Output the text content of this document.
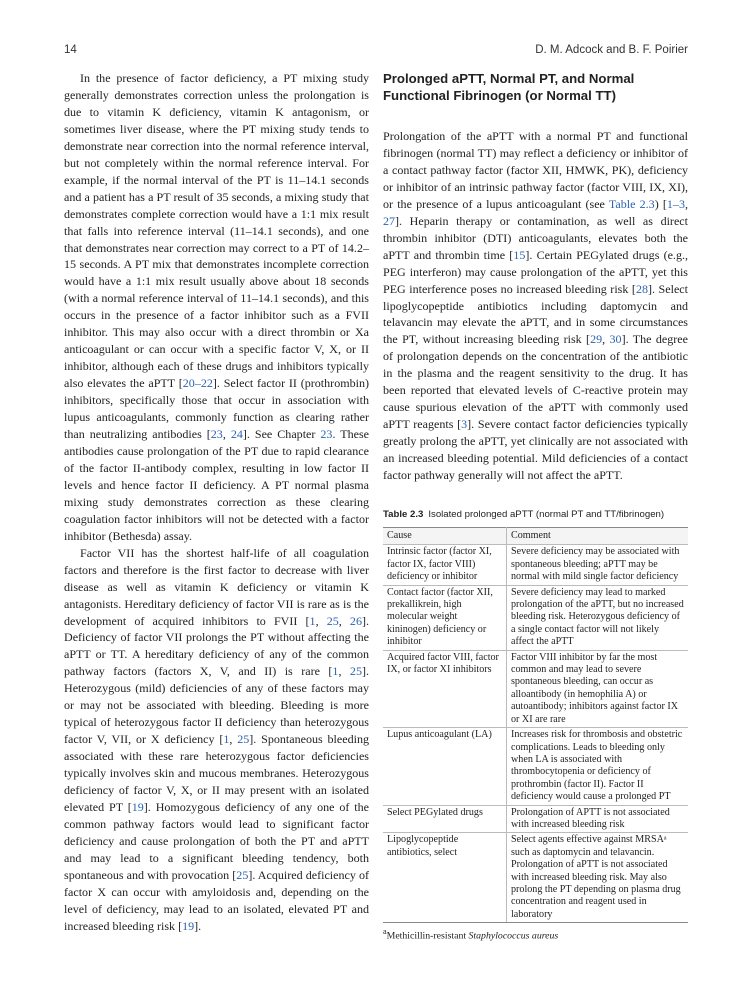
14	D. M. Adcock and B. F. Poirier

In the presence of factor deficiency, a PT mixing study generally demonstrates correction unless the prolongation is due to vitamin K deficiency, vitamin K antagonism, or sometimes liver disease, where the PT mixing study tends to demonstrate near correction into the normal reference interval, but not completely within the normal reference interval. For example, if the normal interval of the PT is 11–14.1 seconds and a patient has a PT result of 35 seconds, a mixing study that demonstrates complete correction would have a 1:1 mix result that falls into reference interval (11–14.1 seconds), and one that demonstrates near correction may correct to a PT of 14.2–15 seconds. A PT mix that demonstrates incomplete correction would have a 1:1 mix result usually above about 18 seconds (with a normal reference interval of 11–14.1 seconds), and this occurs in the presence of a factor inhibitor such as a FVII inhibitor. This may also occur with a direct thrombin or Xa anticoagulant or can occur with a specific factor V, X, or II inhibitor, although each of these drugs and inhibitors typically also elevates the aPTT [20–22]. Select factor II (prothrombin) inhibitors, specifically those that occur in association with lupus anticoagulants, commonly function as clearing rather than neutralizing antibodies [23, 24]. See Chapter 23. These antibodies cause prolongation of the PT due to rapid clearance of the factor II-antibody complex, resulting in low factor II levels and hence factor II deficiency. A PT normal plasma mixing study demonstrates correction as these clearing coagulation factor inhibitors will not be detected with a factor inhibitor (Bethesda) assay.

Factor VII has the shortest half-life of all coagulation factors and therefore is the first factor to decrease with liver disease as well as vitamin K deficiency or vitamin K antagonists. Hereditary deficiency of factor VII is rare as is the development of acquired inhibitors to FVII [1, 25, 26]. Deficiency of factor VII prolongs the PT without affecting the aPTT or TT. A hereditary deficiency of any of the common pathway factors (factors X, V, and II) is rare [1, 25]. Heterozygous (mild) deficiencies of any of these factors may or may not be associated with bleeding. Bleeding is more typical of heterozygous factor II deficiency than heterozygous factor V, VII, or X deficiency [1, 25]. Spontaneous bleeding associated with these rare heterozygous factor deficiencies typically involves skin and mucous membranes. Heterozygous deficiency of factor V, X, or II may present with an isolated elevated PT [19]. Homozygous deficiency of any one of the common pathway factors would lead to significant factor deficiency and cause prolongation of both the PT and aPTT and may lead to a significant bleeding tendency, both spontaneous and with provocation [25]. Acquired deficiency of factor X can occur with amyloidosis and, depending on the level of deficiency, may lead to an isolated, elevated PT and increased bleeding risk [19].

Prolonged aPTT, Normal PT, and Normal Functional Fibrinogen (or Normal TT)

Prolongation of the aPTT with a normal PT and functional fibrinogen (normal TT) may reflect a deficiency or inhibitor of a contact pathway factor (factor XII, HMWK, PK), deficiency or inhibitor of an intrinsic pathway factor (factor VIII, IX, XI), or the presence of a lupus anticoagulant (see Table 2.3) [1–3, 27]. Heparin therapy or contamination, as well as direct thrombin inhibitor (DTI) anticoagulants, elevates both the aPTT and thrombin time [15]. Certain PEGylated drugs (e.g., PEG interferon) may cause prolongation of the aPTT, yet this PEG interference poses no increased bleeding risk [28]. Select lipoglycopeptide antibiotics including daptomycin and telavancin may elevate the aPTT, and in some circumstances the PT, without increasing bleeding risk [29, 30]. The degree of prolongation depends on the concentration of the antibiotic in the plasma and the reagent sensitivity to the drug. It has been reported that elevated levels of C-reactive protein may cause spurious elevation of the aPTT with commonly used aPTT reagents [3]. Severe contact factor deficiencies typically greatly prolong the aPTT, yet clinically are not associated with an increased bleeding potential. Mild deficiencies of a contact factor pathway generally will not affect the aPTT.

Table 2.3 Isolated prolonged aPTT (normal PT and TT/fibrinogen)
Cause	Comment
Intrinsic factor (factor XI, factor IX, factor VIII) deficiency or inhibitor	Severe deficiency may be associated with spontaneous bleeding; aPTT may be normal with mild single factor deficiency
Contact factor (factor XII, prekallikrein, high molecular weight kininogen) deficiency or inhibitor	Severe deficiency may lead to marked prolongation of the aPTT, but no increased bleeding risk. Heterozygous deficiency of a single contact factor will not likely affect the aPTT
Acquired factor VIII, factor IX, or factor XI inhibitors	Factor VIII inhibitor by far the most common and may lead to severe spontaneous bleeding, can occur as alloantibody (in hemophilia A) or autoantibody; inhibitors against factor IX or XI are rare
Lupus anticoagulant (LA)	Increases risk for thrombosis and obstetric complications. Leads to bleeding only when LA is associated with thrombocytopenia or deficiency of prothrombin (factor II). Factor II deficiency would cause a prolonged PT
Select PEGylated drugs	Prolongation of APTT is not associated with increased bleeding risk
Lipoglycopeptide antibiotics, select	Select agents effective against MRSAᵃ such as daptomycin and telavancin. Prolongation of aPTT is not associated with increased bleeding risk. May also prolong the PT depending on plasma drug concentration and reagent used in laboratory
$^a$Methicillin-resistant Staphylococcus aureus
